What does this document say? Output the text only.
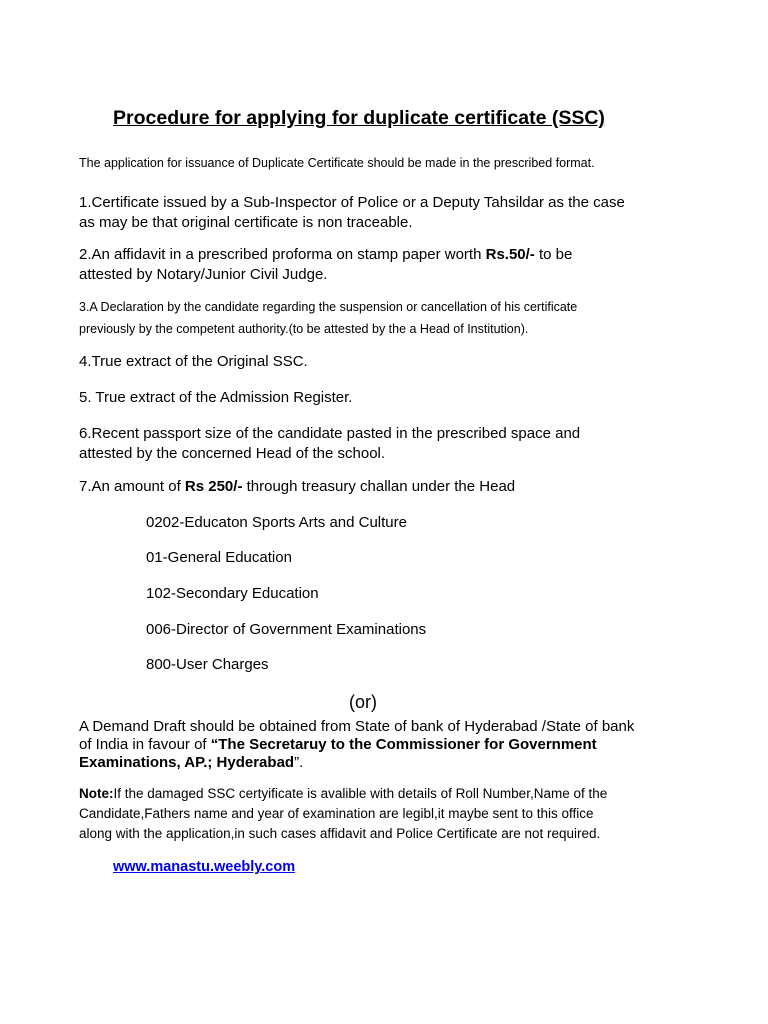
Procedure for applying for duplicate certificate (SSC)

The application for issuance of Duplicate Certificate should be made in the prescribed format.

1.Certificate issued by a Sub-Inspector of Police or a Deputy Tahsildar as the case
as may be that original certificate is non traceable.
2.An affidavit in a prescribed proforma on stamp paper worth Rs.50/- to be
attested by Notary/Junior Civil Judge.
3.A Declaration by the candidate regarding the suspension or cancellation of his certificate
previously by the competent authority.(to be attested by the a Head of Institution).
4.True extract of the Original SSC.
5. True extract of the Admission Register.
6.Recent passport size of the candidate pasted in the prescribed space and
attested by the concerned Head of the school.
7.An amount of Rs 250/- through treasury challan under the Head
0202-Educaton Sports Arts and Culture
01-General Education
102-Secondary Education
006-Director of Government Examinations
800-User Charges
(or)
A Demand Draft should be obtained from State of bank of Hyderabad /State of bank
of India in favour of “The Secretaruy to the Commissioner for Government
Examinations, AP.; Hyderabad”.
Note:If the damaged SSC certyificate is avalible with details of Roll Number,Name of the
Candidate,Fathers name and year of examination are legibl,it maybe sent to this office
along with the application,in such cases affidavit and Police Certificate are not required.
www.manastu.weebly.com
